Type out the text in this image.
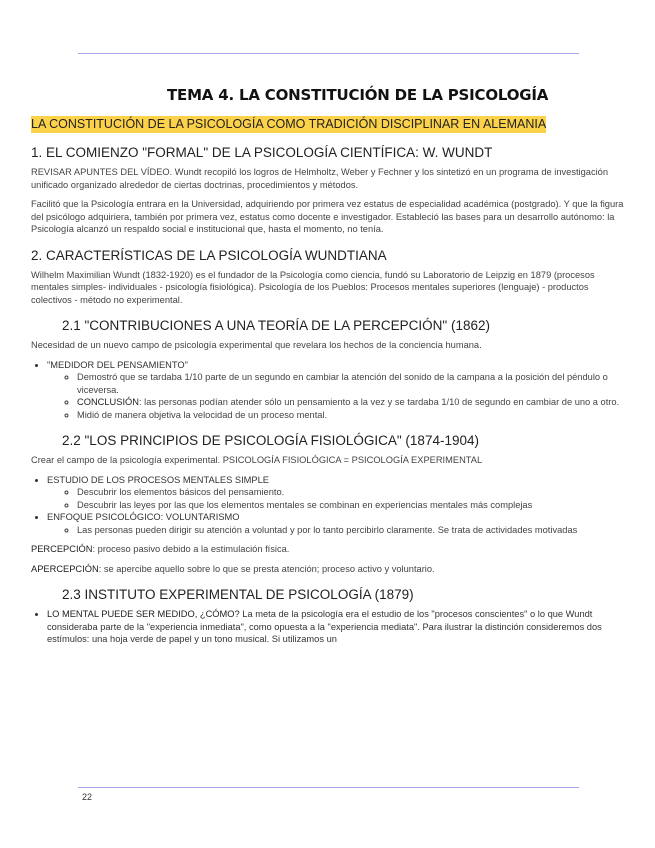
TEMA 4. LA CONSTITUCIÓN DE LA PSICOLOGÍA
LA CONSTITUCIÓN DE LA PSICOLOGÍA COMO TRADICIÓN DISCIPLINAR EN ALEMANIA
1. EL COMIENZO "FORMAL" DE LA PSICOLOGÍA CIENTÍFICA: W. WUNDT

REVISAR APUNTES DEL VÍDEO. Wundt recopiló los logros de Helmholtz, Weber y Fechner y los sintetizó en un programa de investigación unificado organizado alrededor de ciertas doctrinas, procedimientos y métodos.

Facilitó que la Psicología entrara en la Universidad, adquiriendo por primera vez estatus de especialidad académica (postgrado). Y que la figura del psicólogo adquiriera, también por primera vez, estatus como docente e investigador. Estableció las bases para un desarrollo autónomo: la Psicología alcanzó un respaldo social e institucional que, hasta el momento, no tenía.

2. CARACTERÍSTICAS DE LA PSICOLOGÍA WUNDTIANA

Wilhelm Maximilian Wundt (1832-1920) es el fundador de la Psicología como ciencia, fundó su Laboratorio de Leipzig en 1879 (procesos mentales simples- individuales - psicología fisiológica). Psicología de los Pueblos: Procesos mentales superiores (lenguaje) - productos colectivos - método no experimental.

2.1 "CONTRIBUCIONES A UNA TEORÍA DE LA PERCEPCIÓN" (1862)

Necesidad de un nuevo campo de psicología experimental que revelara los hechos de la conciencia humana.

• "MEDIDOR DEL PENSAMIENTO"
◦ Demostró que se tardaba 1/10 parte de un segundo en cambiar la atención del sonido de la campana a la posición del péndulo o viceversa.
◦ CONCLUSIÓN: las personas podían atender sólo un pensamiento a la vez y se tardaba 1/10 de segundo en cambiar de uno a otro.
◦ Midió de manera objetiva la velocidad de un proceso mental.
2.2 "LOS PRINCIPIOS DE PSICOLOGÍA FISIOLÓGICA" (1874-1904)

Crear el campo de la psicología experimental. PSICOLOGÍA FISIOLÓGICA = PSICOLOGÍA EXPERIMENTAL

• ESTUDIO DE LOS PROCESOS MENTALES SIMPLE
◦ Descubrir los elementos básicos del pensamiento.
◦ Descubrir las leyes por las que los elementos mentales se combinan en experiencias mentales más complejas
• ENFOQUE PSICOLÓGICO: VOLUNTARISMO
◦ Las personas pueden dirigir su atención a voluntad y por lo tanto percibirlo claramente. Se trata de actividades motivadas

PERCEPCIÓN: proceso pasivo debido a la estimulación física.

APERCEPCIÓN: se apercibe aquello sobre lo que se presta atención; proceso activo y voluntario.

2.3 INSTITUTO EXPERIMENTAL DE PSICOLOGÍA (1879)
• LO MENTAL PUEDE SER MEDIDO, ¿CÓMO? La meta de la psicología era el estudio de los "procesos conscientes" o lo que Wundt consideraba parte de la "experiencia inmediata", como opuesta a la "experiencia mediata". Para ilustrar la distinción consideremos dos estímulos: una hoja verde de papel y un tono musical. Si utilizamos un
22
